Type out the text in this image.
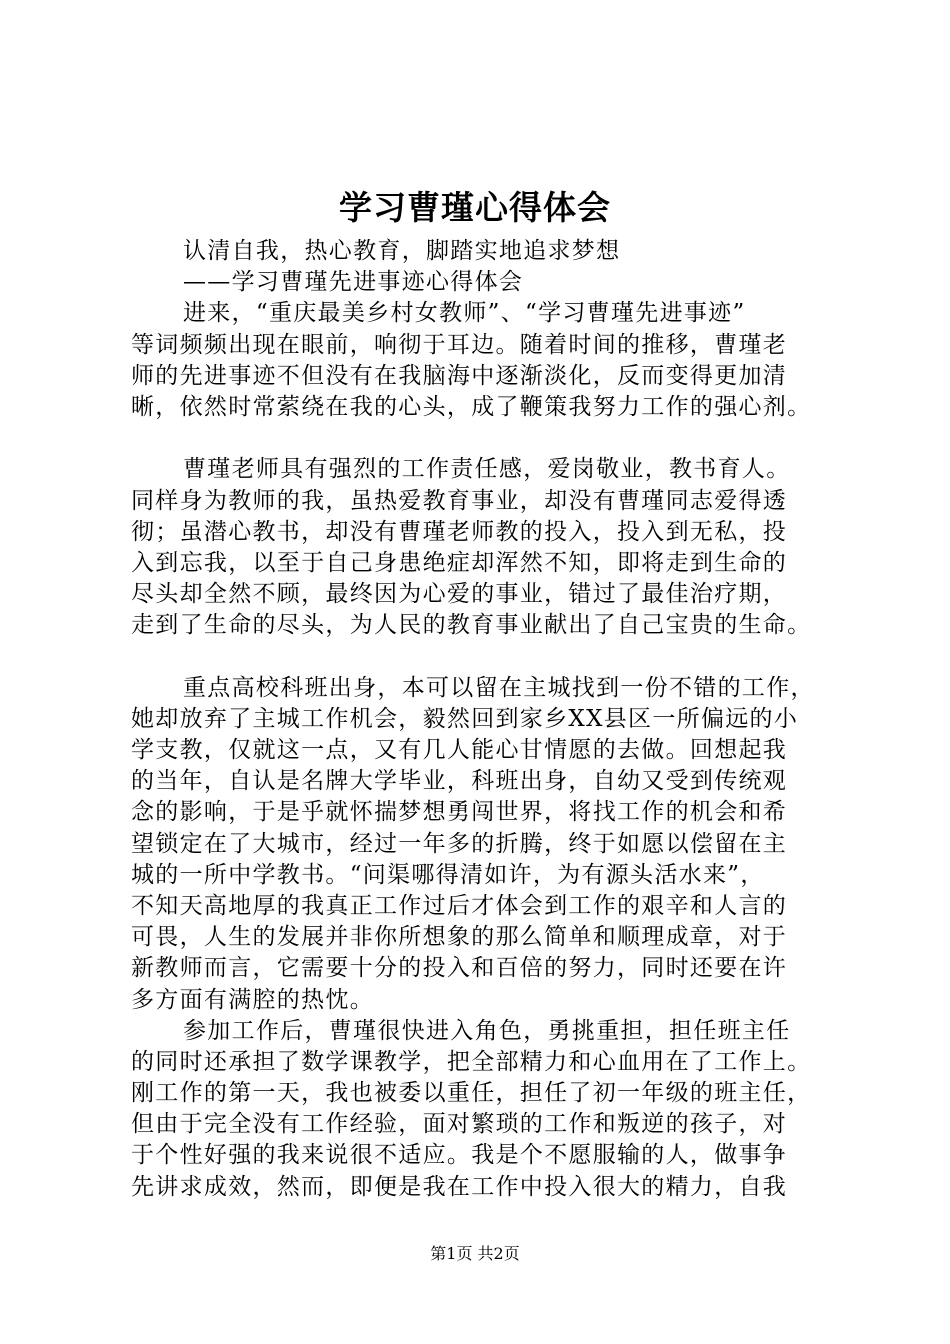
学习曹瑾心得体会
认清自我，热心教育，脚踏实地追求梦想
——学习曹瑾先进事迹心得体会
进来，“重庆最美乡村女教师”、“学习曹瑾先进事迹”
等词频频出现在眼前，响彻于耳边。随着时间的推移，曹瑾老
师的先进事迹不但没有在我脑海中逐渐淡化，反而变得更加清
晰，依然时常萦绕在我的心头，成了鞭策我努力工作的强心剂。
曹瑾老师具有强烈的工作责任感，爱岗敬业，教书育人。
同样身为教师的我，虽热爱教育事业，却没有曹瑾同志爱得透
彻；虽潜心教书，却没有曹瑾老师教的投入，投入到无私，投
入到忘我，以至于自己身患绝症却浑然不知，即将走到生命的
尽头却全然不顾，最终因为心爱的事业，错过了最佳治疗期，
走到了生命的尽头，为人民的教育事业献出了自己宝贵的生命。
重点高校科班出身，本可以留在主城找到一份不错的工作，
她却放弃了主城工作机会，毅然回到家乡XX县区一所偏远的小
学支教，仅就这一点，又有几人能心甘情愿的去做。回想起我
的当年，自认是名牌大学毕业，科班出身，自幼又受到传统观
念的影响，于是乎就怀揣梦想勇闯世界，将找工作的机会和希
望锁定在了大城市，经过一年多的折腾，终于如愿以偿留在主
城的一所中学教书。“问渠哪得清如许，为有源头活水来”，
不知天高地厚的我真正工作过后才体会到工作的艰辛和人言的
可畏，人生的发展并非你所想象的那么简单和顺理成章，对于
新教师而言，它需要十分的投入和百倍的努力，同时还要在许
多方面有满腔的热忱。
参加工作后，曹瑾很快进入角色，勇挑重担，担任班主任
的同时还承担了数学课教学，把全部精力和心血用在了工作上。
刚工作的第一天，我也被委以重任，担任了初一年级的班主任，
但由于完全没有工作经验，面对繁琐的工作和叛逆的孩子，对
于个性好强的我来说很不适应。我是个不愿服输的人，做事争
先讲求成效，然而，即便是我在工作中投入很大的精力，自我
第1页 共2页
